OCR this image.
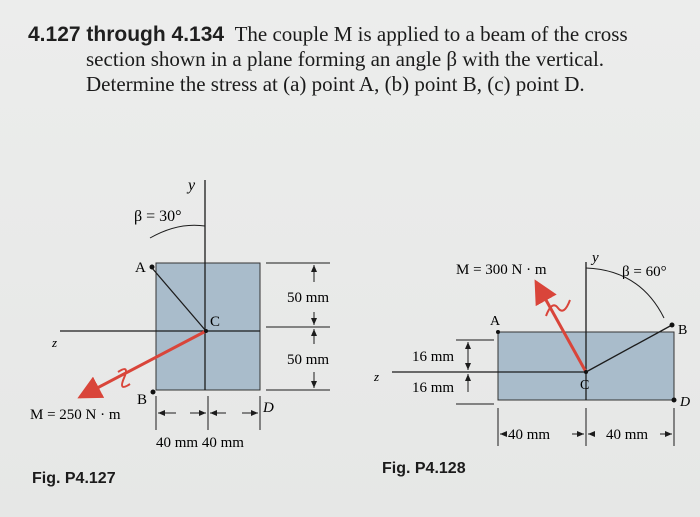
4.127 through 4.134 The couple M is applied to a beam of the cross
section shown in a plane forming an angle β with the vertical.
Determine the stress at (a) point A, (b) point B, (c) point D.
y
β = 30°
A
C
B	D
z
M = 250 N · m
50 mm
50 mm
40 mm 40 mm
M = 300 N · m
y
β = 60°
A
B
C
D
z
16 mm
16 mm
40 mm	40 mm
Fig. P4.127
Fig. P4.128
